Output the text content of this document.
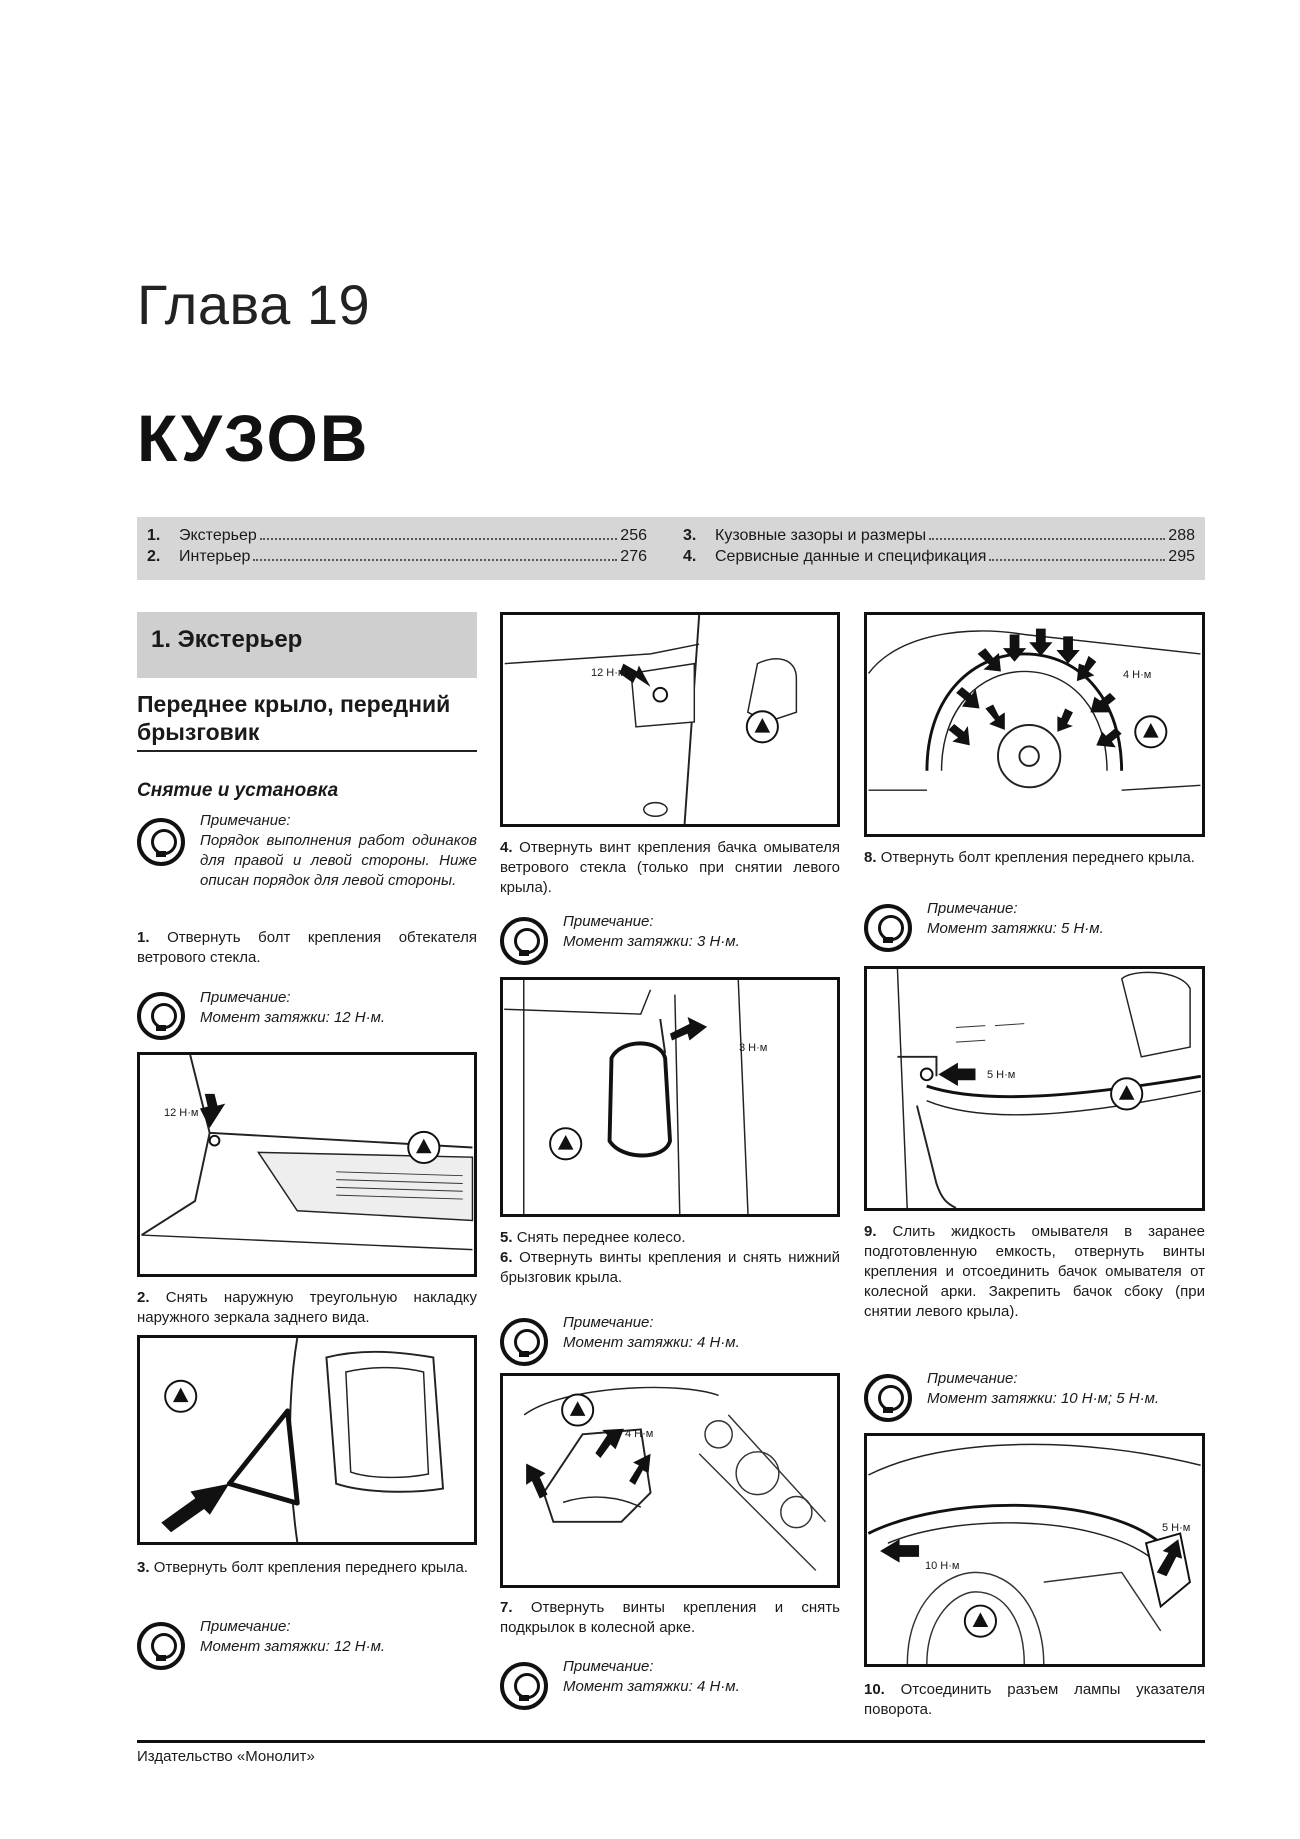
Глава 19
КУЗОВ
1.	Экстерьер	256
2.	Интерьер	276
3.	Кузовные зазоры и размеры	288
4.	Сервисные данные и спецификация	295
1. Экстерьер
Переднее крыло, передний брызговик
Снятие и установка
Примечание:
Порядок выполнения работ одинаков для правой и левой стороны. Ниже описан порядок для левой стороны.
1. Отвернуть болт крепления обтекателя ветрового стекла.
Примечание:
Момент затяжки: 12 Н·м.
12 Н·м
2. Снять наружную треугольную накладку наружного зеркала заднего вида.
3. Отвернуть болт крепления переднего крыла.
Примечание:
Момент затяжки: 12 Н·м.
12 Н·м
4. Отвернуть винт крепления бачка омывателя ветрового стекла (только при снятии левого крыла).
Примечание:
Момент затяжки: 3 Н·м.
3 Н·м
5. Снять переднее колесо.
6. Отвернуть винты крепления и снять нижний брызговик крыла.
Примечание:
Момент затяжки: 4 Н·м.
4 Н·м
7. Отвернуть винты крепления и снять подкрылок в колесной арке.
Примечание:
Момент затяжки: 4 Н·м.
4 Н·м
8. Отвернуть болт крепления переднего крыла.
Примечание:
Момент затяжки: 5 Н·м.
5 Н·м
9. Слить жидкость омывателя в заранее подготовленную емкость, отвернуть винты крепления и отсоединить бачок омывателя от колесной арки. Закрепить бачок сбоку (при снятии левого крыла).
Примечание:
Момент затяжки: 10 Н·м; 5 Н·м.
10 Н·м
5 Н·м
10. Отсоединить разъем лампы указателя поворота.
Издательство «Монолит»
